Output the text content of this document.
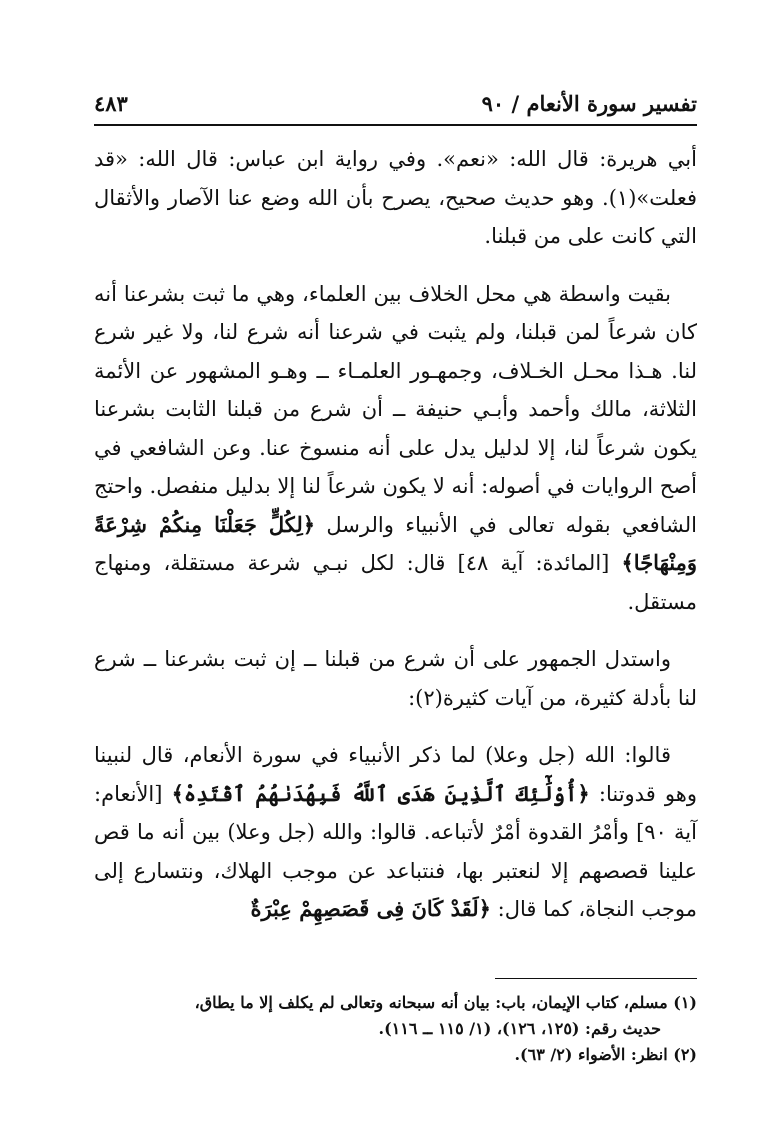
تفسير سورة الأنعام / ٩٠
٤٨٣

أبي هريرة: قال الله: «نعم». وفي رواية ابن عباس: قال الله: «قد فعلت»(١). وهو حديث صحيح، يصرح بأن الله وضع عنا الآصار والأثقال التي كانت على من قبلنا.

بقيت واسطة هي محل الخلاف بين العلماء، وهي ما ثبت بشرعنا أنه كان شرعاً لمن قبلنا، ولم يثبت في شرعنا أنه شرع لنا، ولا غير شرع لنا. هـذا محـل الخـلاف، وجمهـور العلمـاء ــ وهـو المشهور عن الأئمة الثلاثة، مالك وأحمد وأبـي حنيفة ــ أن شرع من قبلنا الثابت بشرعنا يكون شرعاً لنا، إلا لدليل يدل على أنه منسوخ عنا. وعن الشافعي في أصح الروايات في أصوله: أنه لا يكون شرعاً لنا إلا بدليل منفصل. واحتج الشافعي بقوله تعالى في الأنبياء والرسل ﴿لِكُلٍّ جَعَلْنَا مِنكُمْ شِرْعَةً وَمِنْهَاجًا﴾ [المائدة: آية ٤٨] قال: لكل نبـي شرعة مستقلة، ومنهاج مستقل.

واستدل الجمهور على أن شرع من قبلنا ــ إن ثبت بشرعنا ــ شرع لنا بأدلة كثيرة، من آيات كثيرة(٢):

قالوا: الله (جل وعلا) لما ذكر الأنبياء في سورة الأنعام، قال لنبينا وهو قدوتنا: ﴿أُوْلَٰٓئِكَ ٱلَّذِينَ هَدَى ٱللَّهُ فَبِهُدَىٰهُمُ ٱقْتَدِهْ﴾ [الأنعام: آية ٩٠] وأمْرُ القدوة أمْرٌ لأتباعه. قالوا: والله (جل وعلا) بين أنه ما قص علينا قصصهم إلا لنعتبر بها، فنتباعد عن موجب الهلاك، ونتسارع إلى موجب النجاة، كما قال: ﴿لَقَدْ كَانَ فِى قَصَصِهِمْ عِبْرَةٌ

(١) مسلم، كتاب الإيمان، باب: بيان أنه سبحانه وتعالى لم يكلف إلا ما يطاق،

حديث رقم: (١٢٥، ١٢٦)، (١/ ١١٥ ــ ١١٦).

(٢) انظر: الأضواء (٢/ ٦٣).
